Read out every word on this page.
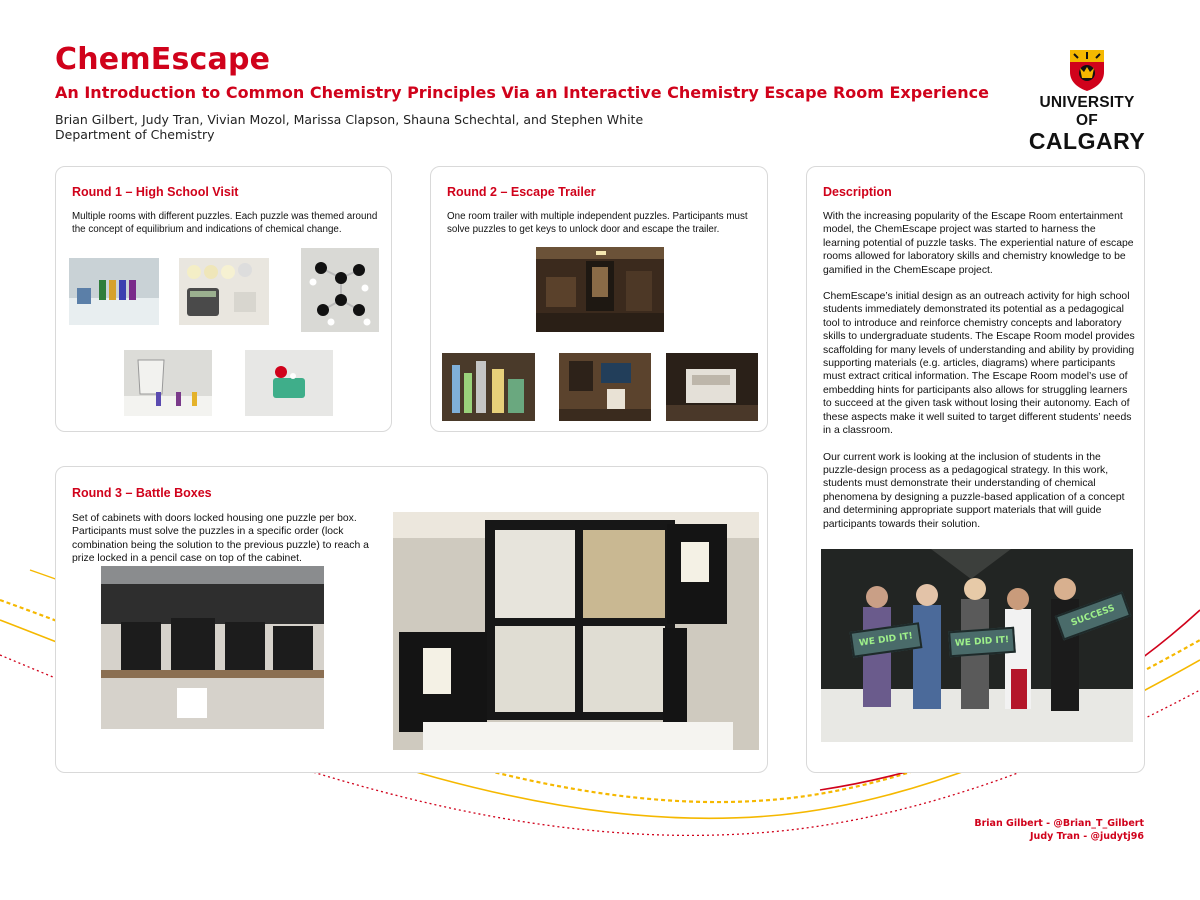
ChemEscape
An Introduction to Common Chemistry Principles Via an Interactive Chemistry Escape Room Experience
Brian Gilbert, Judy Tran, Vivian Mozol, Marissa Clapson, Shauna Schechtal, and Stephen White
Department of Chemistry
UNIVERSITY OF
CALGARY
Round 1 – High School Visit
Multiple rooms with different puzzles. Each puzzle was themed around the concept of equilibrium and indications of chemical change.
Round 2 – Escape Trailer
One room trailer with multiple independent puzzles. Participants must solve puzzles to get keys to unlock door and escape the trailer.
Round 3 – Battle Boxes
Set of cabinets with doors locked housing one puzzle per box. Participants must solve the puzzles in a specific order (lock combination being the solution to the previous puzzle) to reach a prize locked in a pencil case on top of the cabinet.
Description

With the increasing popularity of the Escape Room entertainment model, the ChemEscape project was started to harness the learning potential of puzzle tasks. The experiential nature of escape rooms allowed for laboratory skills and chemistry knowledge to be gamified in the ChemEscape project.

ChemEscape’s initial design as an outreach activity for high school students immediately demonstrated its potential as a pedagogical tool to introduce and reinforce chemistry concepts and laboratory skills to undergraduate students. The Escape Room model provides scaffolding for many levels of understanding and ability by providing supporting materials (e.g. articles, diagrams) where participants must extract critical information. The Escape Room model’s use of embedding hints for participants also allows for struggling learners to succeed at the given task without losing their autonomy. Each of these aspects make it well suited to target different students’ needs in a classroom.

Our current work is looking at the inclusion of students in the puzzle-design process as a pedagogical strategy. In this work, students must demonstrate their understanding of chemical phenomena by designing a puzzle-based application of a concept and determining appropriate support materials that will guide participants towards their solution.

WE DID IT!	WE DID IT!
SUCCESS
Brian Gilbert - @Brian_T_Gilbert
Judy Tran - @judytj96
